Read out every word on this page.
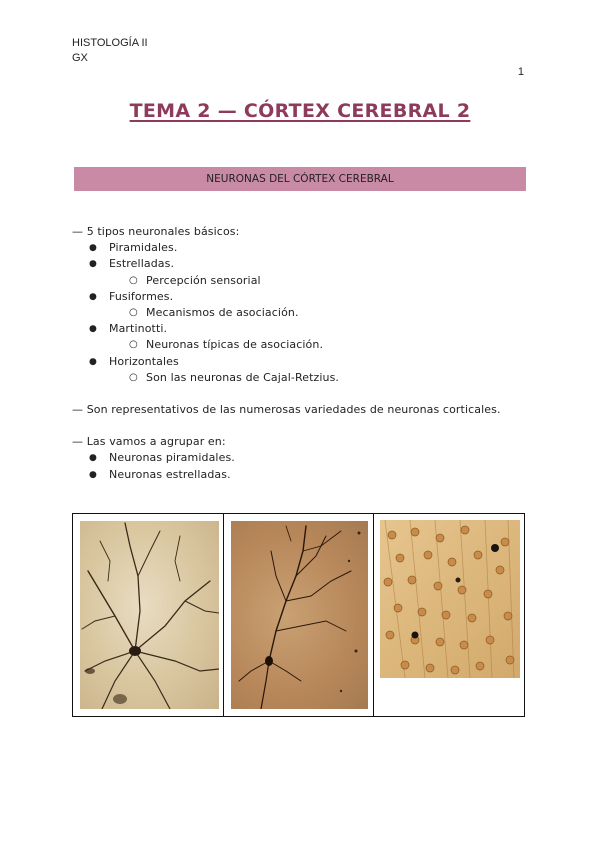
HISTOLOGÍA II
GX
1
TEMA 2 — CÓRTEX CEREBRAL 2
NEURONAS DEL CÓRTEX CEREBRAL
— 5 tipos neuronales básicos:
● Piramidales.
● Estrelladas.
○ Percepción sensorial
● Fusiformes.
○ Mecanismos de asociación.
● Martinotti.
○ Neuronas típicas de asociación.
● Horizontales
○ Son las neuronas de Cajal-Retzius.
— Son representativos de las numerosas variedades de neuronas corticales.
— Las vamos a agrupar en:
● Neuronas piramidales.
● Neuronas estrelladas.
